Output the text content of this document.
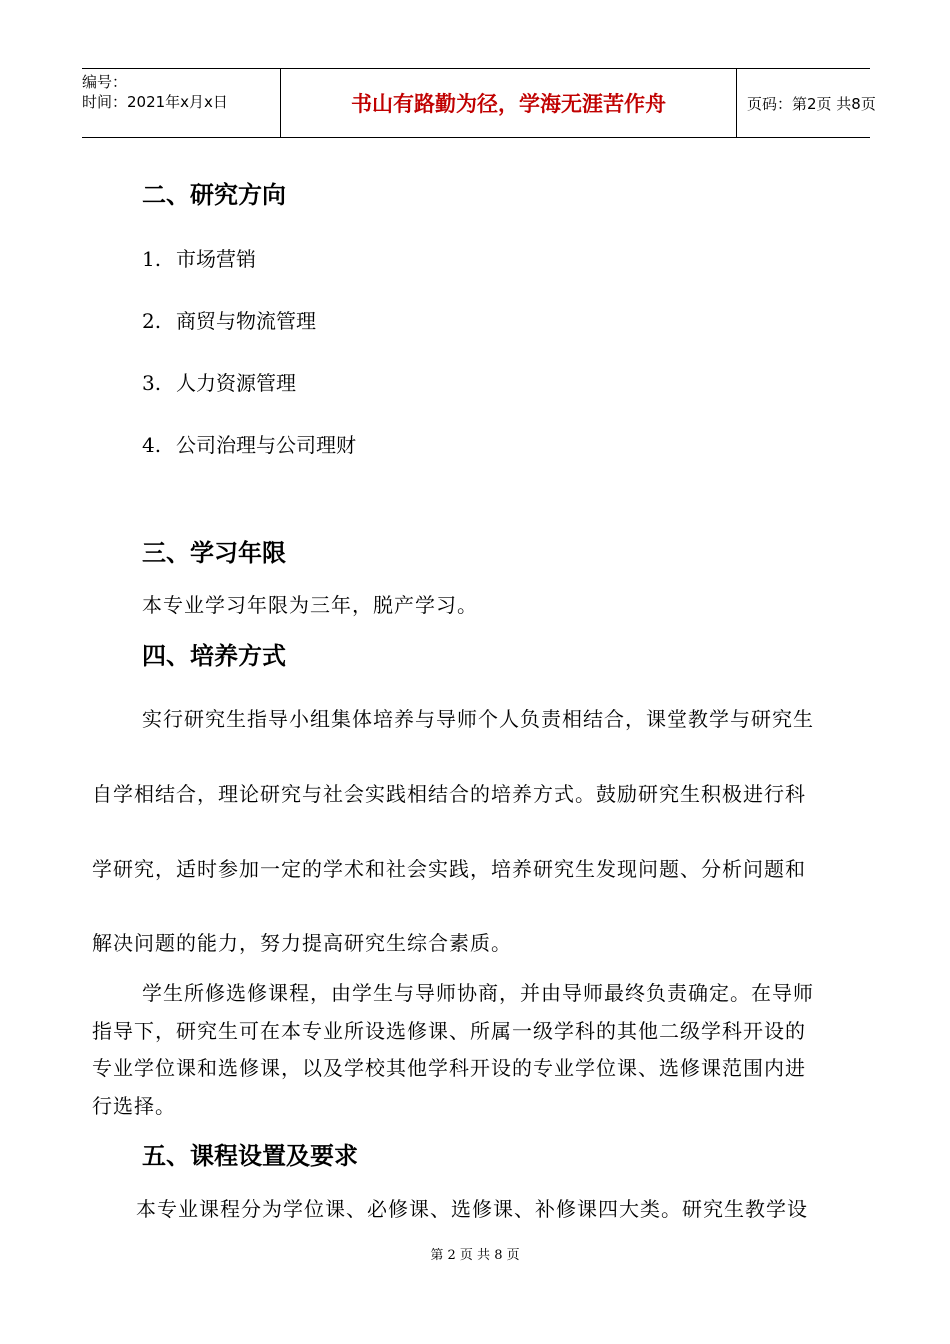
编号：
时间：2021年x月x日	书山有路勤为径，学海无涯苦作舟	页码：第2页 共8页
二、研究方向
1. 市场营销
2. 商贸与物流管理
3. 人力资源管理
4. 公司治理与公司理财
三、学习年限
本专业学习年限为三年，脱产学习。
四、培养方式
实行研究生指导小组集体培养与导师个人负责相结合，课堂教学与研究生
自学相结合，理论研究与社会实践相结合的培养方式。鼓励研究生积极进行科
学研究，适时参加一定的学术和社会实践，培养研究生发现问题、分析问题和
解决问题的能力，努力提高研究生综合素质。
学生所修选修课程，由学生与导师协商，并由导师最终负责确定。在导师
指导下，研究生可在本专业所设选修课、所属一级学科的其他二级学科开设的
专业学位课和选修课，以及学校其他学科开设的专业学位课、选修课范围内进
行选择。
五、课程设置及要求
本专业课程分为学位课、必修课、选修课、补修课四大类。研究生教学设
第 2 页 共 8 页
